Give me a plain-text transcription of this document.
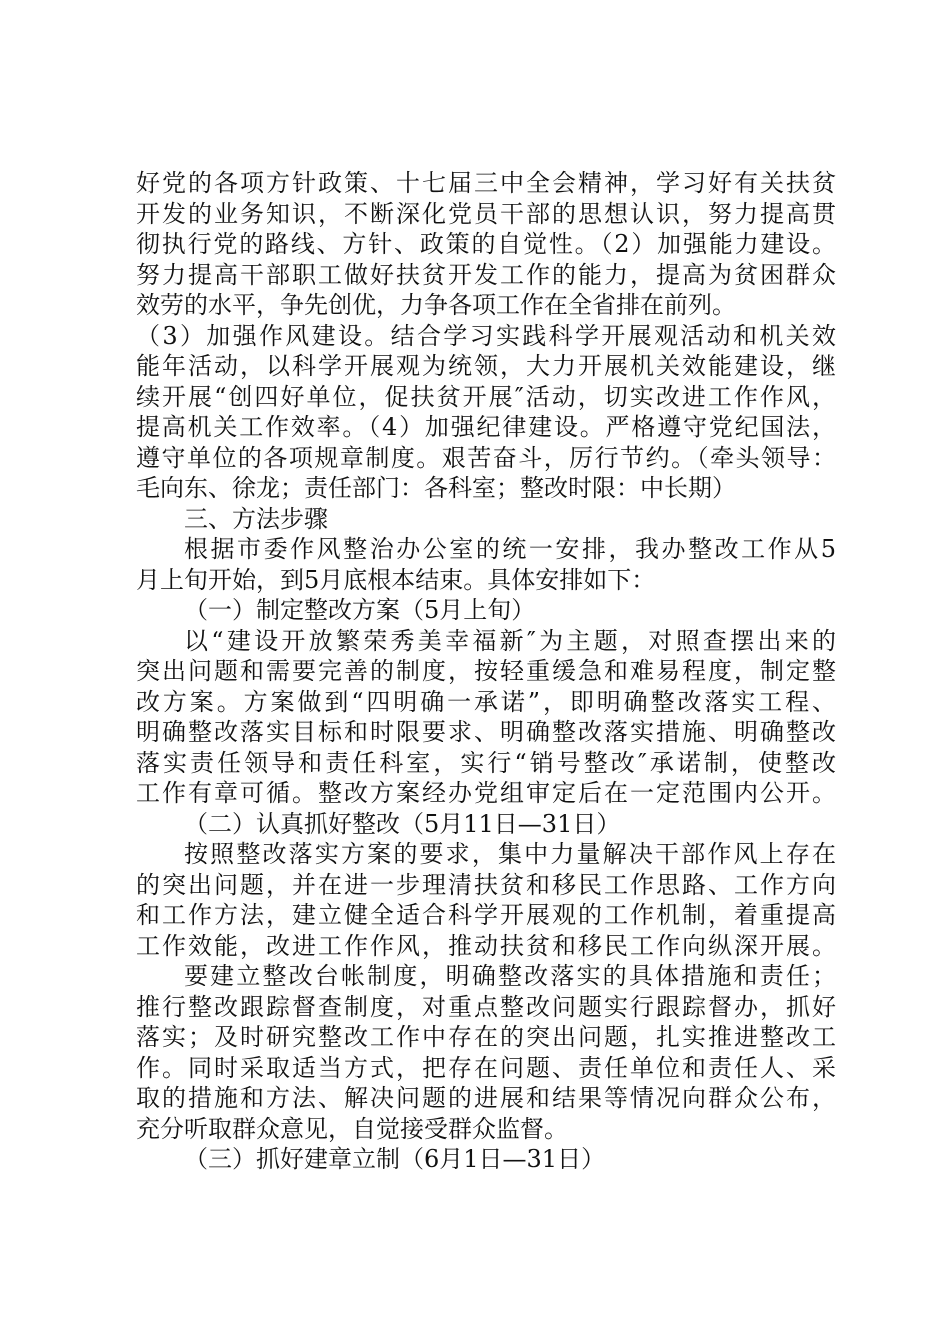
好党的各项方针政策、十七届三中全会精神，学习好有关扶贫
开发的业务知识，不断深化党员干部的思想认识，努力提高贯
彻执行党的路线、方针、政策的自觉性。（2）加强能力建设。
努力提高干部职工做好扶贫开发工作的能力，提高为贫困群众
效劳的水平，争先创优，力争各项工作在全省排在前列。
（3）加强作风建设。结合学习实践科学开展观活动和机关效
能年活动，以科学开展观为统领，大力开展机关效能建设，继
续开展“创四好单位，促扶贫开展″活动，切实改进工作作风，
提高机关工作效率。（4）加强纪律建设。严格遵守党纪国法，
遵守单位的各项规章制度。艰苦奋斗，厉行节约。（牵头领导：
毛向东、徐龙；责任部门：各科室；整改时限：中长期）
三、方法步骤
根据市委作风整治办公室的统一安排，我办整改工作从5
月上旬开始，到5月底根本结束。具体安排如下：
（一）制定整改方案（5月上旬）
以“建设开放繁荣秀美幸福新″为主题，对照查摆出来的
突出问题和需要完善的制度，按轻重缓急和难易程度，制定整
改方案。方案做到“四明确一承诺”，即明确整改落实工程、
明确整改落实目标和时限要求、明确整改落实措施、明确整改
落实责任领导和责任科室，实行“销号整改″承诺制，使整改
工作有章可循。整改方案经办党组审定后在一定范围内公开。
（二）认真抓好整改（5月11日—31日）
按照整改落实方案的要求，集中力量解决干部作风上存在
的突出问题，并在进一步理清扶贫和移民工作思路、工作方向
和工作方法，建立健全适合科学开展观的工作机制，着重提高
工作效能，改进工作作风，推动扶贫和移民工作向纵深开展。
要建立整改台帐制度，明确整改落实的具体措施和责任；
推行整改跟踪督查制度，对重点整改问题实行跟踪督办，抓好
落实；及时研究整改工作中存在的突出问题，扎实推进整改工
作。同时采取适当方式，把存在问题、责任单位和责任人、采
取的措施和方法、解决问题的进展和结果等情况向群众公布，
充分听取群众意见，自觉接受群众监督。
（三）抓好建章立制（6月1日—31日）
